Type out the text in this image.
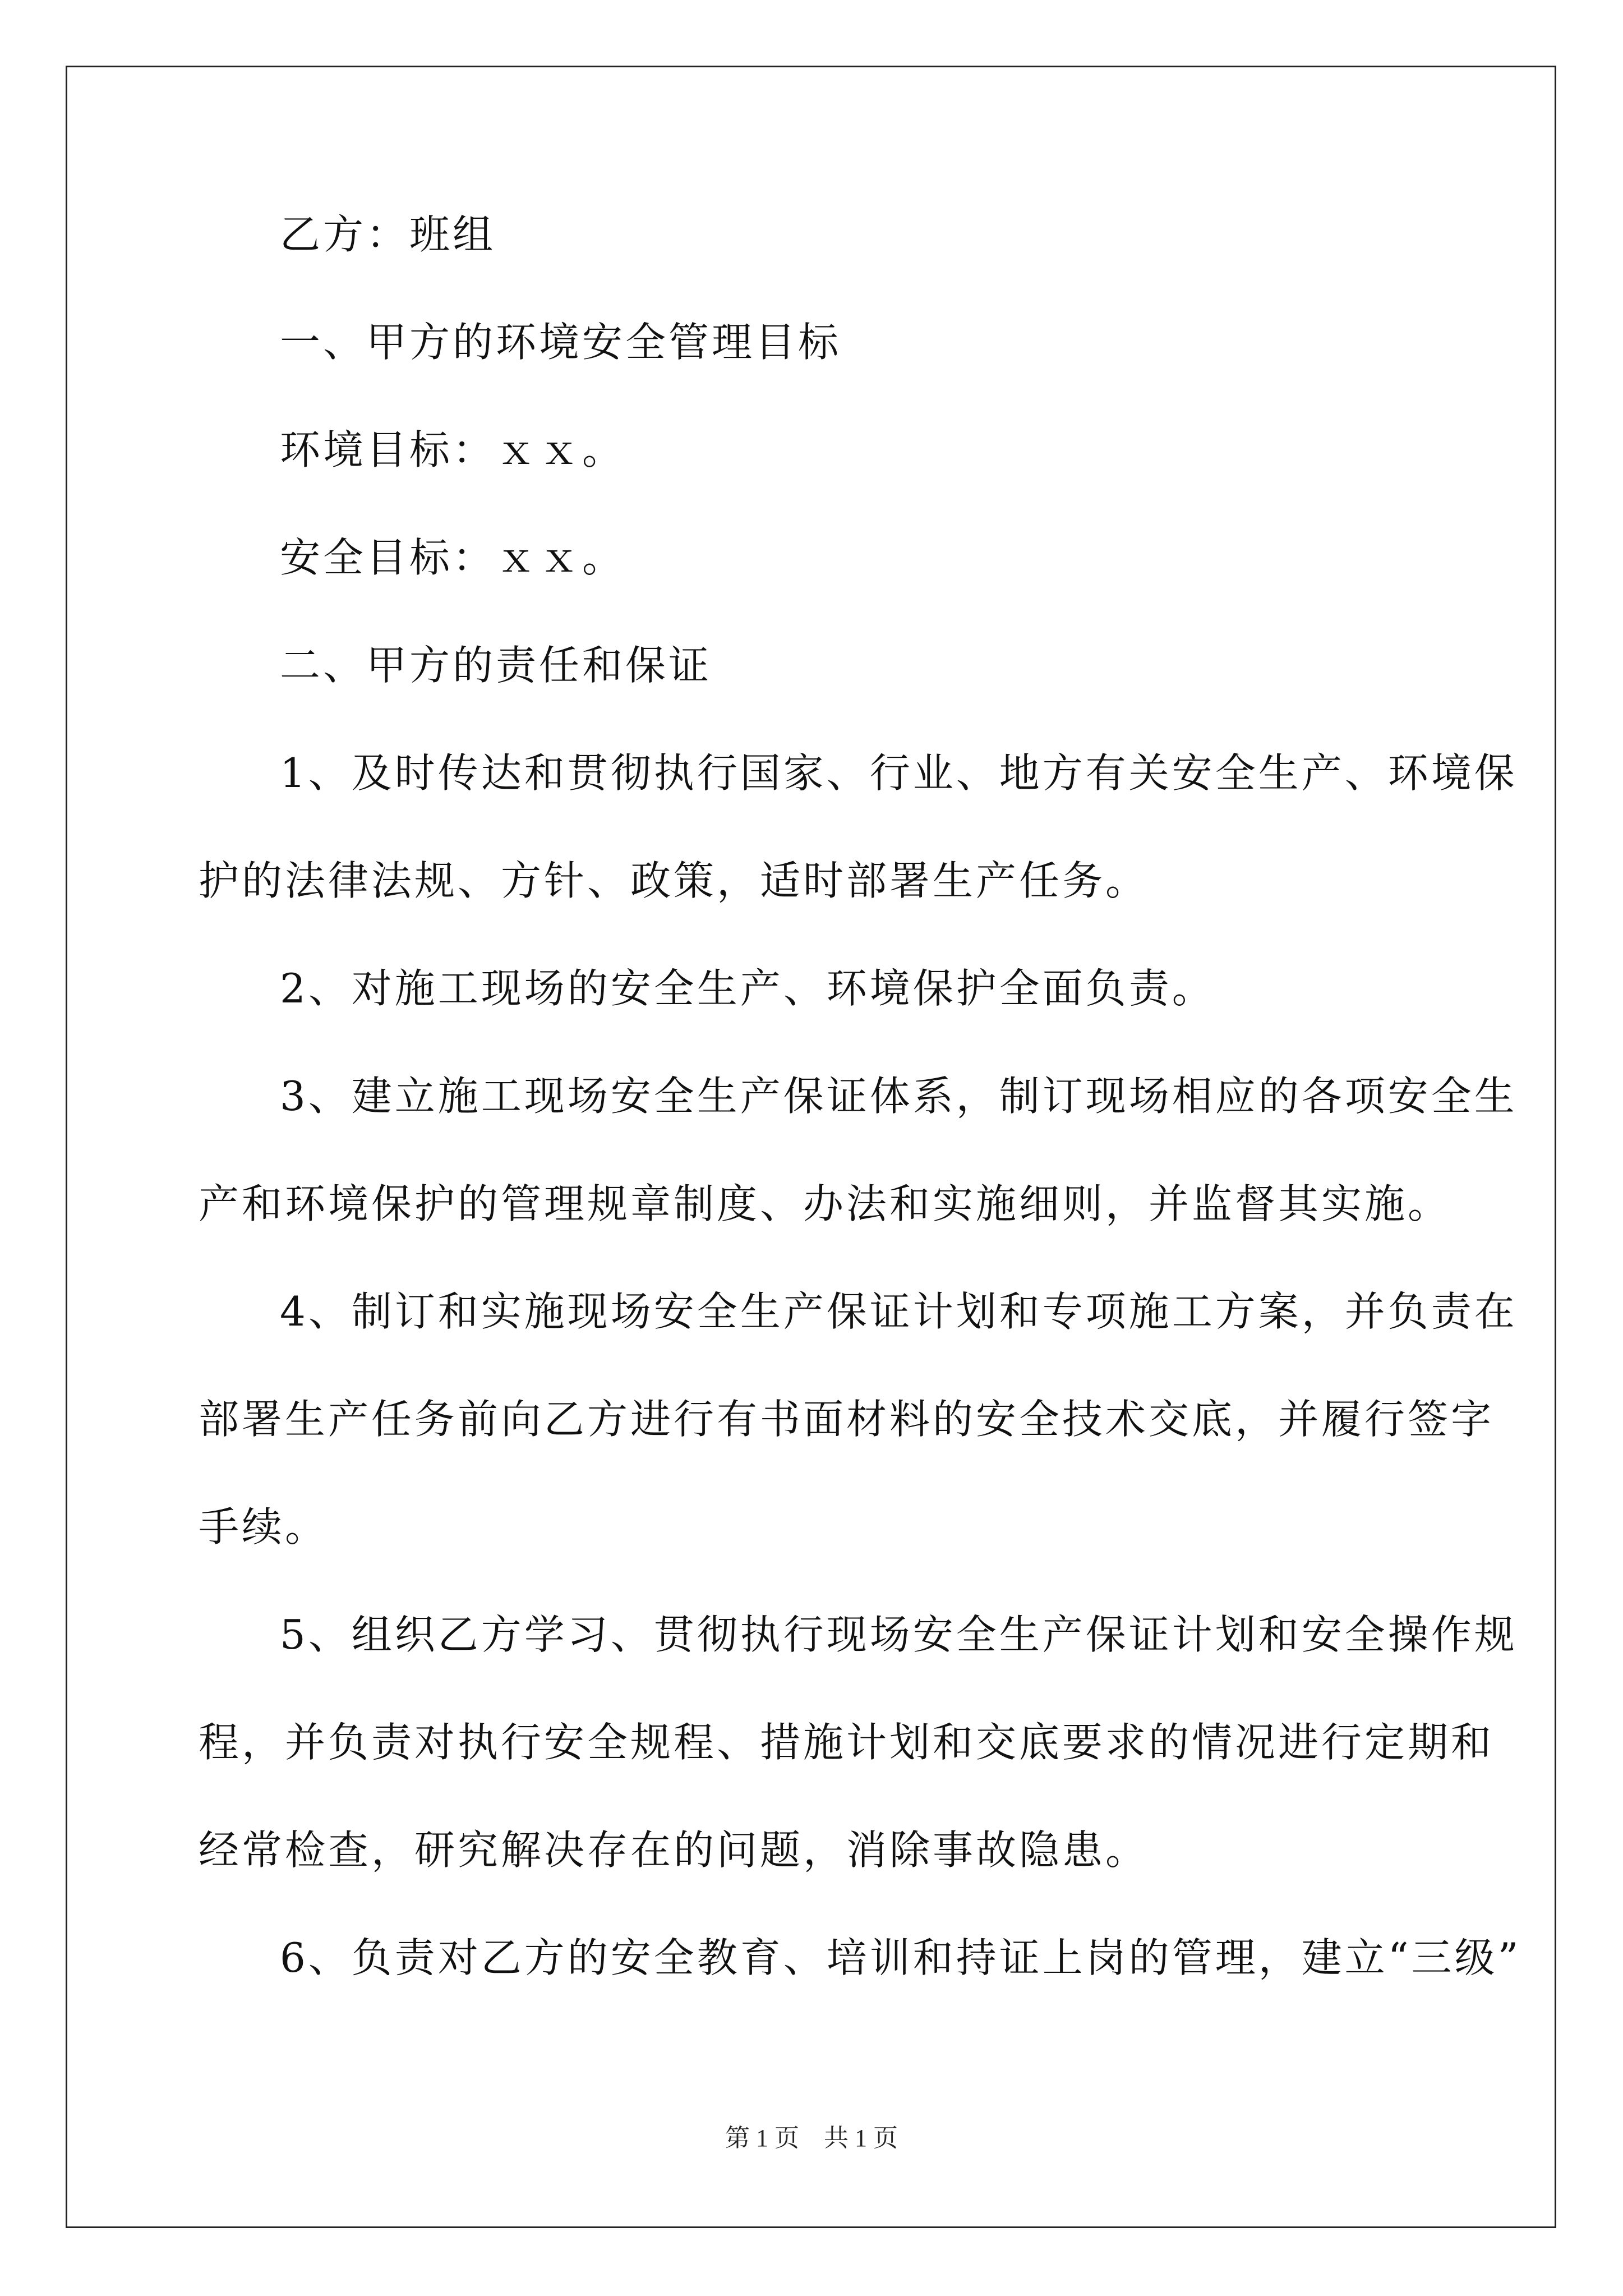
乙方：班组
一、甲方的环境安全管理目标
环境目标：ｘｘ。
安全目标：ｘｘ。
二、甲方的责任和保证
1、及时传达和贯彻执行国家、行业、地方有关安全生产、环境保
护的法律法规、方针、政策，适时部署生产任务。
2、对施工现场的安全生产、环境保护全面负责。
3、建立施工现场安全生产保证体系，制订现场相应的各项安全生
产和环境保护的管理规章制度、办法和实施细则，并监督其实施。
4、制订和实施现场安全生产保证计划和专项施工方案，并负责在
部署生产任务前向乙方进行有书面材料的安全技术交底，并履行签字
手续。
5、组织乙方学习、贯彻执行现场安全生产保证计划和安全操作规
程，并负责对执行安全规程、措施计划和交底要求的情况进行定期和
经常检查，研究解决存在的问题，消除事故隐患。
6、负责对乙方的安全教育、培训和持证上岗的管理，建立“三级”
第 1 页　共 1 页
